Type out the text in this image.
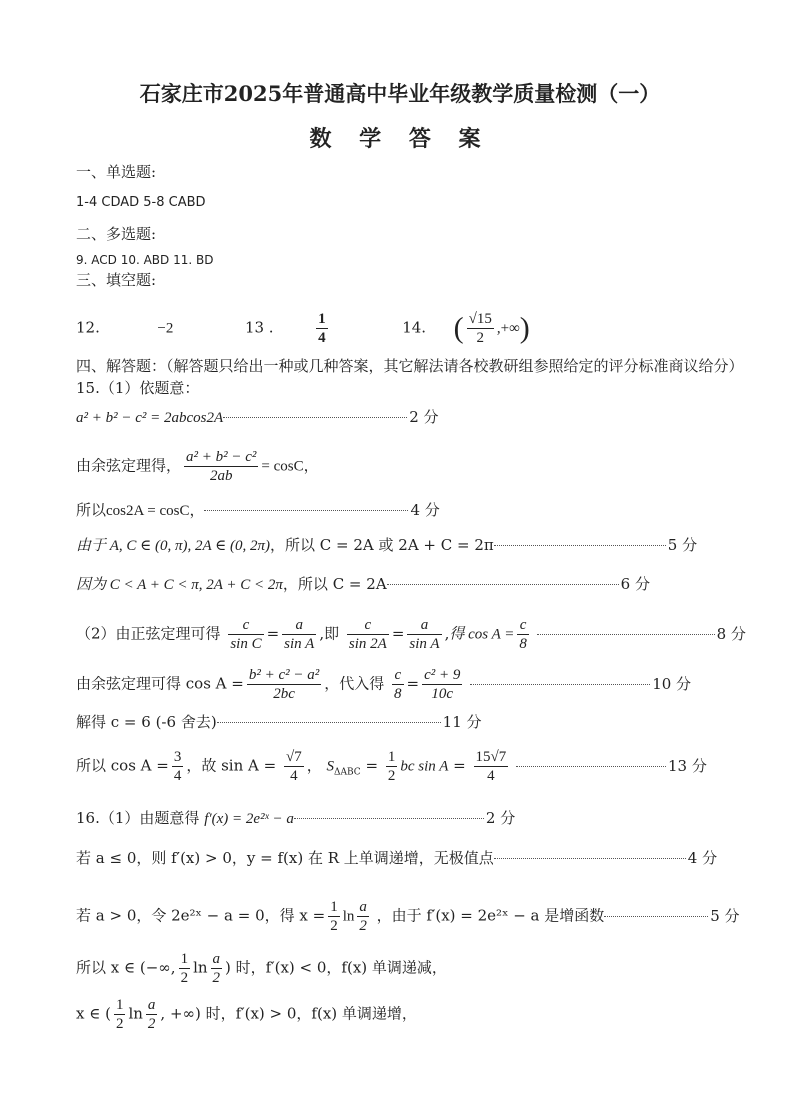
石家庄市2025年普通高中毕业年级教学质量检测（一）
数 学 答 案
一、单选题:
1-4 CDAD 5-8 CABD
二、多选题:
9. ACD 10. ABD 11. BD
三、填空题:
12.	−2	13 .	$\frac{1}{4}$	14. ( $\frac{√15}{2}$ ,+∞)
四、解答题：（解答题只给出一种或几种答案，其它解法请各校教研组参照给定的评分标准商议给分）
15.（1）依题意：
a² + b² − c² = 2abcos2A	2 分
由余弦定理得， $\frac{\text{a² + b² − c²}}{2ab} = \cos C$，
所以cos2A = cosC，	4 分
由于 A, C ∈ (0, π), 2A ∈ (0, 2π)，所以 C = 2A 或 2A + C = 2π	5 分
因为 C < A + C < π, 2A + C < 2π，所以 C = 2A	6 分
（2）由正弦定理可得 $\frac{c}{\text{sin C}} = \frac{a}{\text{sin A}}$ ,即 $\frac{c}{\sin 2A} = \frac{a}{\text{sin A}}$ ,得 $\cos A = \frac{c}{8}$	8 分
由余弦定理可得 $\cos A = \frac{\text{b² + c² − a²}}{2bc}$ ，代入得 $\frac{c}{8} = \frac{\text{c² + 9}}{10c}$	10 分
解得 c = 6 (-6 舍去)	11 分
所以 $\cos A = \frac{3}{4}$ ，故 $\sin A = \frac{√7}{4}$ ， $S_{\Delta ABC} = \frac{1}{2}$ bc $\sin A = \frac{15√7}{4}$	13 分
16.（1）由题意得 f′(x) = 2e²ˣ − a	2 分
若 a ≤ 0，则 f′(x) > 0，y = f(x) 在 R 上单调递增，无极值点	4 分
若 a > 0，令 2e²ˣ − a = 0，得 $x = \frac{1}{2}$ $\ln \frac{a}{2}$ ，由于 f′(x) = 2e²ˣ − a 是增函数	5 分
所以 x ∈ (−∞, $\frac{1}{2}$ $\ln \frac{a}{2}$ ) 时，f′(x) < 0，f(x) 单调递减，
x ∈ ( $\frac{1}{2}$ $\ln \frac{a}{2}$ , +∞) 时，f′(x) > 0，f(x) 单调递增，
